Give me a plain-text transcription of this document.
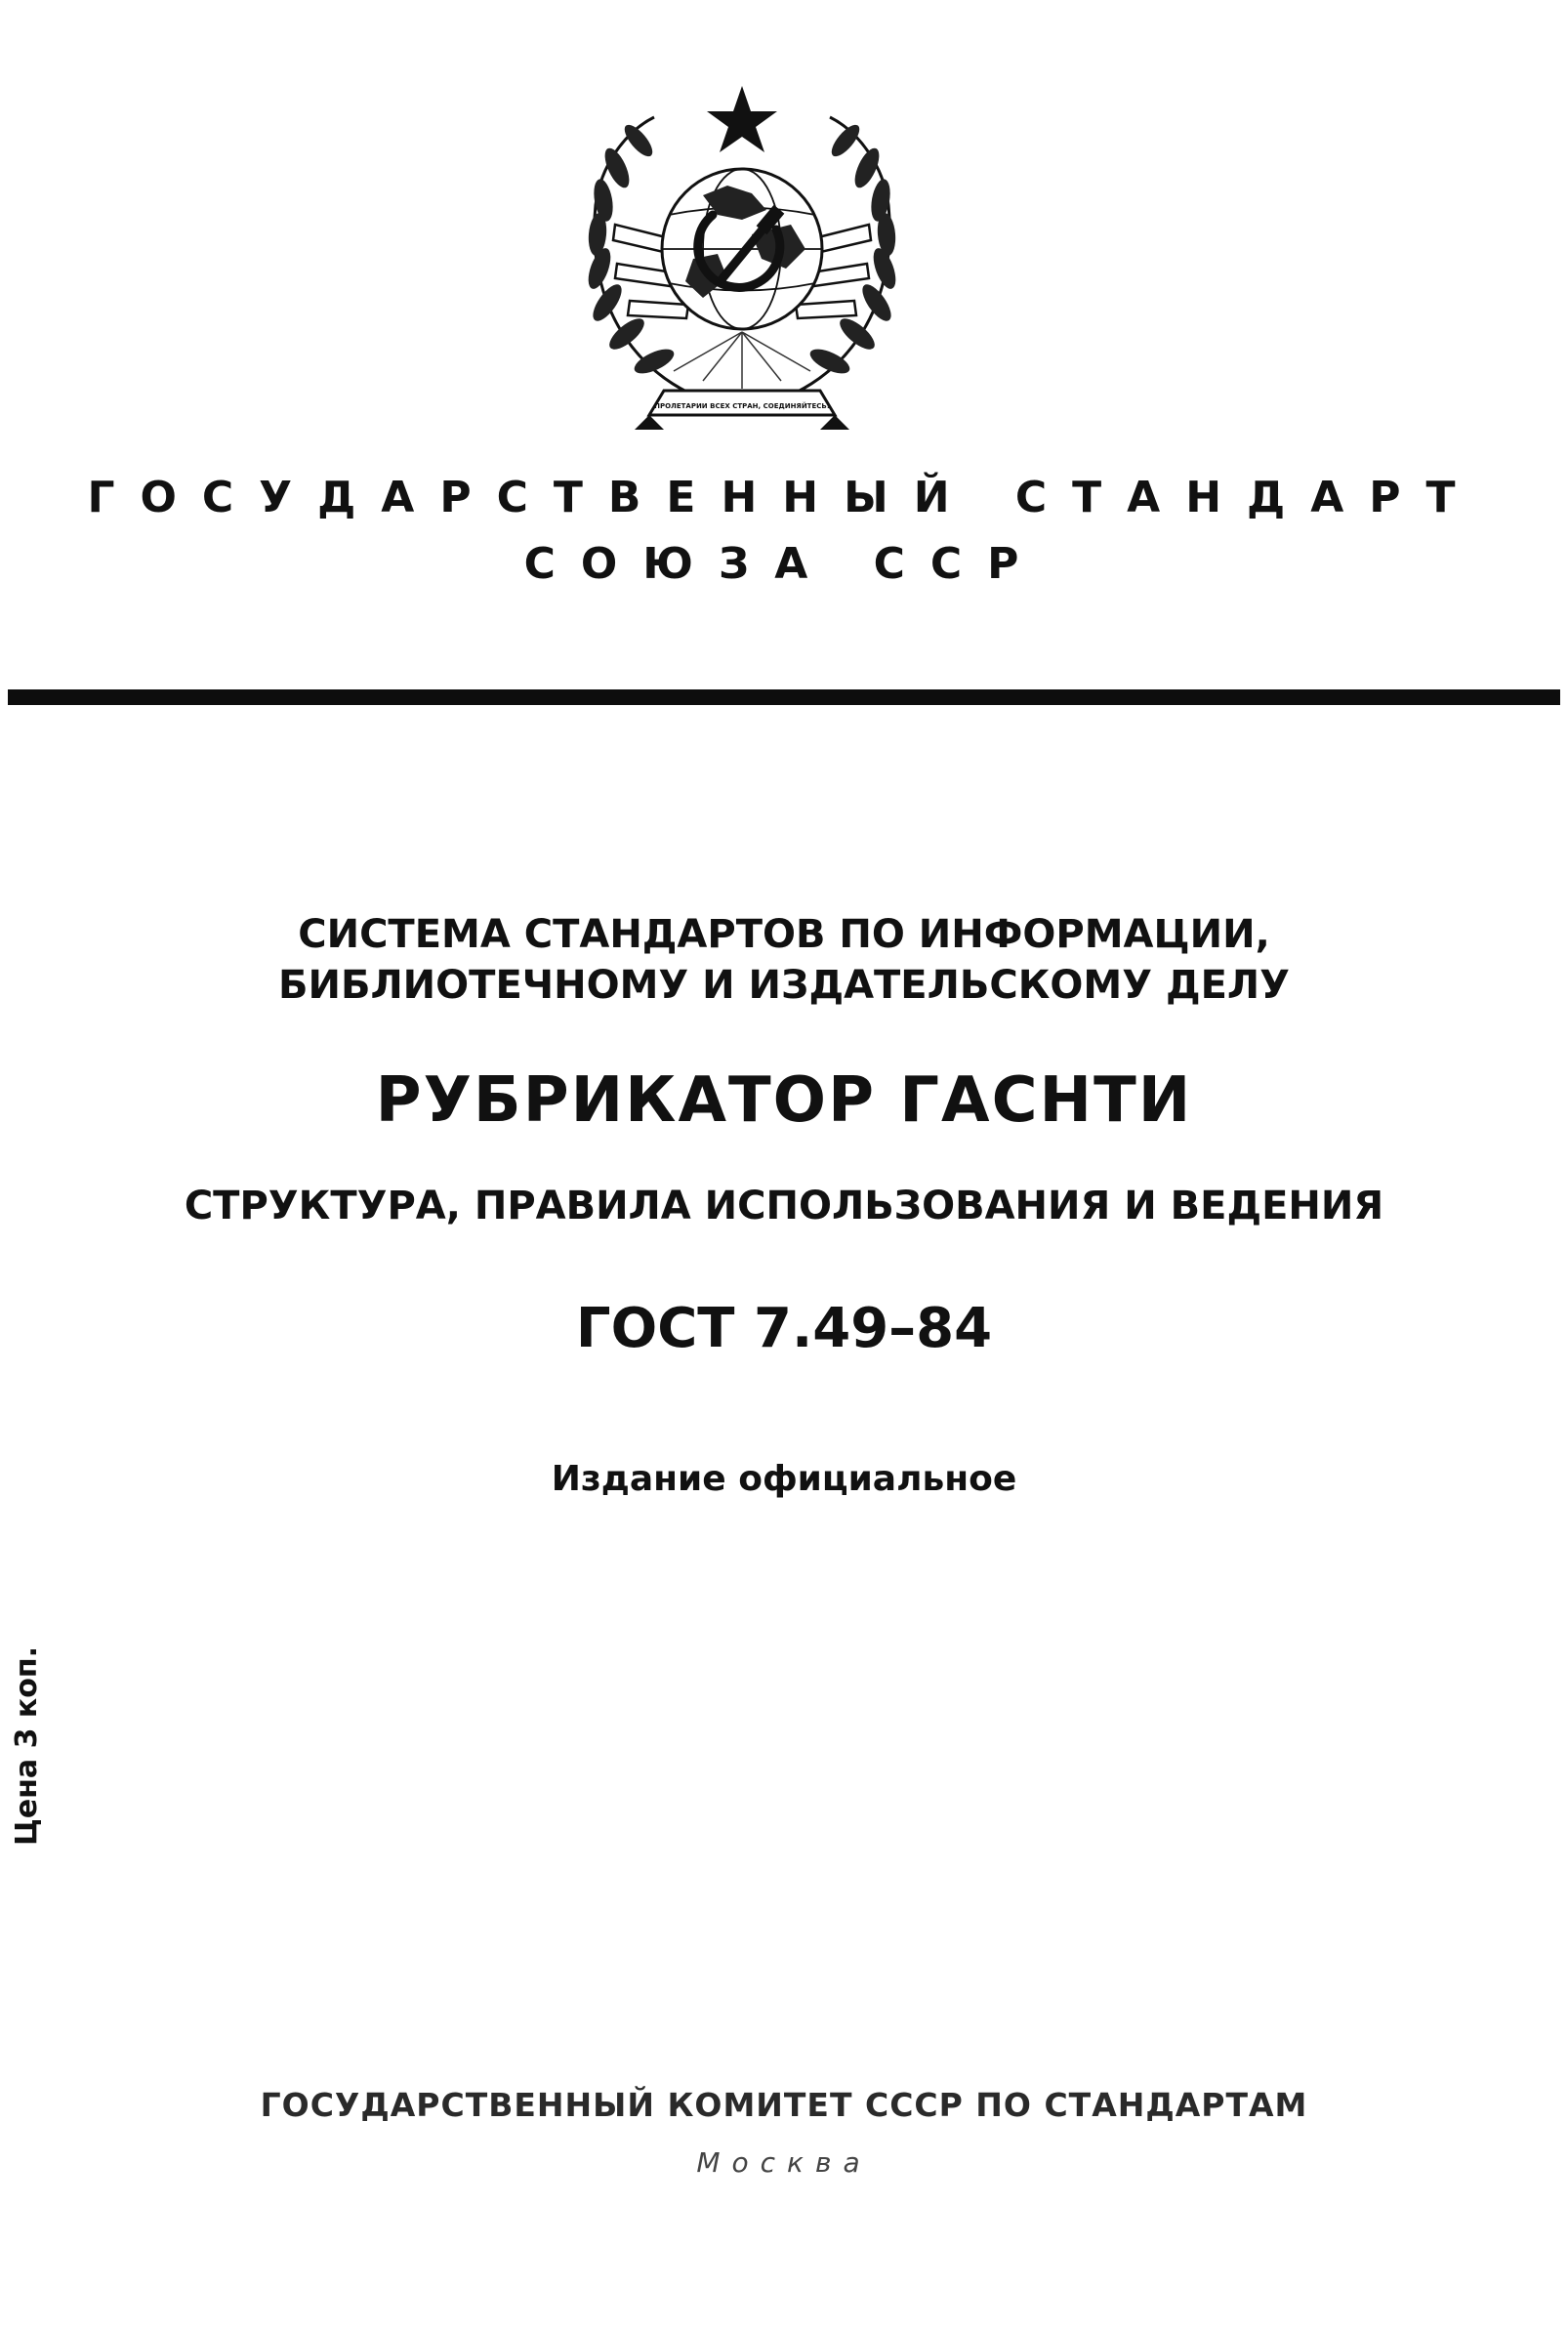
ПРОЛЕТАРИИ ВСЕХ СТРАН, СОЕДИНЯЙТЕСЬ!
ГОСУДАРСТВЕННЫЙ СТАНДАРТ
СОЮЗА ССР
СИСТЕМА СТАНДАРТОВ ПО ИНФОРМАЦИИ,
БИБЛИОТЕЧНОМУ И ИЗДАТЕЛЬСКОМУ ДЕЛУ
РУБРИКАТОР ГАСНТИ
СТРУКТУРА, ПРАВИЛА ИСПОЛЬЗОВАНИЯ И ВЕДЕНИЯ
ГОСТ 7.49–84
Издание официальное
Цена 3 коп.
ГОСУДАРСТВЕННЫЙ КОМИТЕТ СССР ПО СТАНДАРТАМ
Москва
